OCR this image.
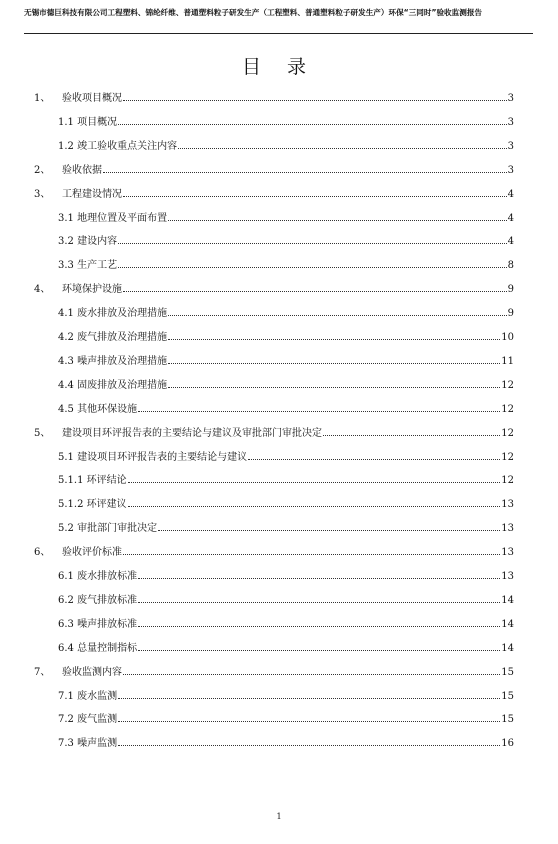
无锡市德巨科技有限公司工程塑料、锦纶纤维、普通塑料粒子研发生产（工程塑料、普通塑料粒子研发生产）环保“三同时”验收监测报告
目 录
1、 验收项目概况	3
1.1 项目概况	3
1.2 竣工验收重点关注内容	3
2、 验收依据	3
3、 工程建设情况	4
3.1 地理位置及平面布置	4
3.2 建设内容	4
3.3 生产工艺	8
4、 环境保护设施	9
4.1 废水排放及治理措施	9
4.2 废气排放及治理措施	10
4.3 噪声排放及治理措施	11
4.4 固废排放及治理措施	12
4.5 其他环保设施	12
5、 建设项目环评报告表的主要结论与建议及审批部门审批决定	12
5.1 建设项目环评报告表的主要结论与建议	12
5.1.1 环评结论	12
5.1.2 环评建议	13
5.2 审批部门审批决定	13
6、 验收评价标准	13
6.1 废水排放标准	13
6.2 废气排放标准	14
6.3 噪声排放标准	14
6.4 总量控制指标	14
7、 验收监测内容	15
7.1 废水监测	15
7.2 废气监测	15
7.3 噪声监测	16
1
